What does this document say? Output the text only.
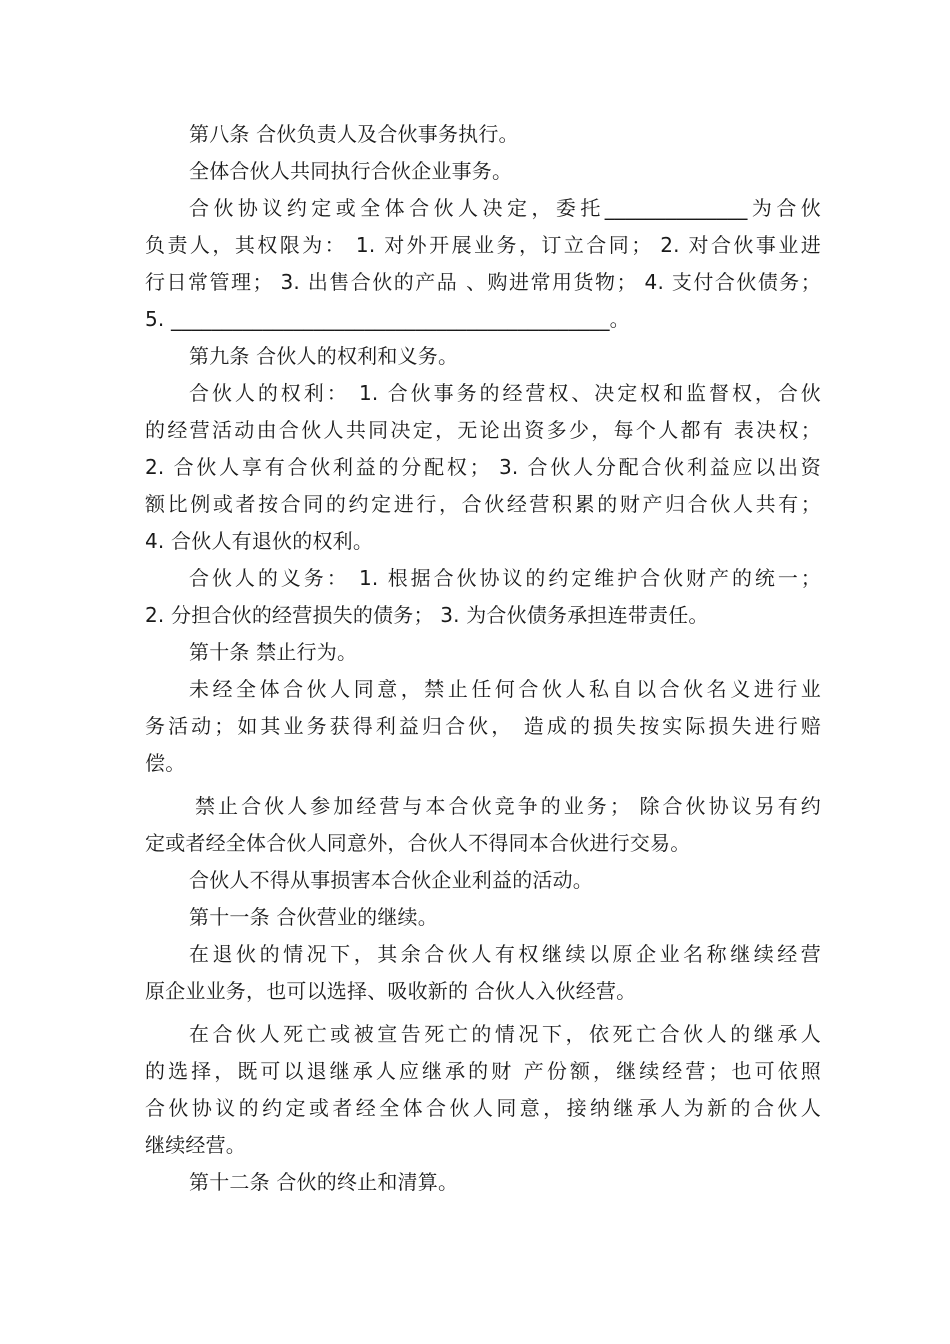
第八条 合伙负责人及合伙事务执行。
全体合伙人共同执行合伙企业事务。
合伙协议约定或全体合伙人决定，委托______________为合伙
负责人，其权限为： 1. 对外开展业务，订立合同； 2. 对合伙事业进
行日常管理； 3. 出售合伙的产品 、购进常用货物； 4. 支付合伙债务；
5. ___________________________________________。
第九条 合伙人的权利和义务。
合伙人的权利： 1. 合伙事务的经营权、决定权和监督权，合伙
的经营活动由合伙人共同决定，无论出资多少，每个人都有 表决权；
2. 合伙人享有合伙利益的分配权； 3. 合伙人分配合伙利益应以出资
额比例或者按合同的约定进行，合伙经营积累的财产归合伙人共有；
4. 合伙人有退伙的权利。
合伙人的义务： 1. 根据合伙协议的约定维护合伙财产的统一；
2. 分担合伙的经营损失的债务； 3. 为合伙债务承担连带责任。
第十条 禁止行为。
未经全体合伙人同意，禁止任何合伙人私自以合伙名义进行业
务活动；如其业务获得利益归合伙， 造成的损失按实际损失进行赔
偿。
禁止合伙人参加经营与本合伙竞争的业务； 除合伙协议另有约
定或者经全体合伙人同意外，合伙人不得同本合伙进行交易。
合伙人不得从事损害本合伙企业利益的活动。
第十一条 合伙营业的继续。
在退伙的情况下，其余合伙人有权继续以原企业名称继续经营
原企业业务，也可以选择、吸收新的 合伙人入伙经营。
在合伙人死亡或被宣告死亡的情况下，依死亡合伙人的继承人
的选择，既可以退继承人应继承的财 产份额，继续经营；也可依照
合伙协议的约定或者经全体合伙人同意，接纳继承人为新的合伙人
继续经营。
第十二条 合伙的终止和清算。
